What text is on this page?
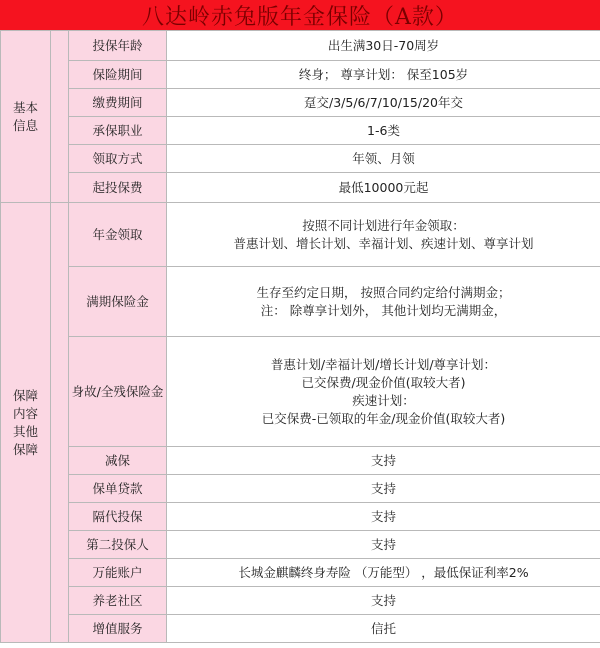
八达岭赤兔版年金保险（A款）
基本信息		投保年龄	出生满30日-70周岁
		保险期间	终身； 尊享计划： 保至105岁
		缴费期间	趸交/3/5/6/7/10/15/20年交
		承保职业	1-6类
		领取方式	年领、月领
		起投保费	最低10000元起
保障内容其他保障		年金领取	按照不同计划进行年金领取：
普惠计划、增长计划、幸福计划、疾速计划、尊享计划

		满期保险金	生存至约定日期， 按照合同约定给付满期金；
注： 除尊享计划外， 其他计划均无满期金，

		身故/全残保险金	普惠计划/幸福计划/增长计划/尊享计划：
已交保费/现金价值(取较大者)
疾速计划：
已交保费-已领取的年金/现金价值(取较大者)

		减保	支持
		保单贷款	支持
		隔代投保	支持
		第二投保人	支持
		万能账户	长城金麒麟终身寿险 （万能型） ，最低保证利率2%
		养老社区	支持
		增值服务	信托
